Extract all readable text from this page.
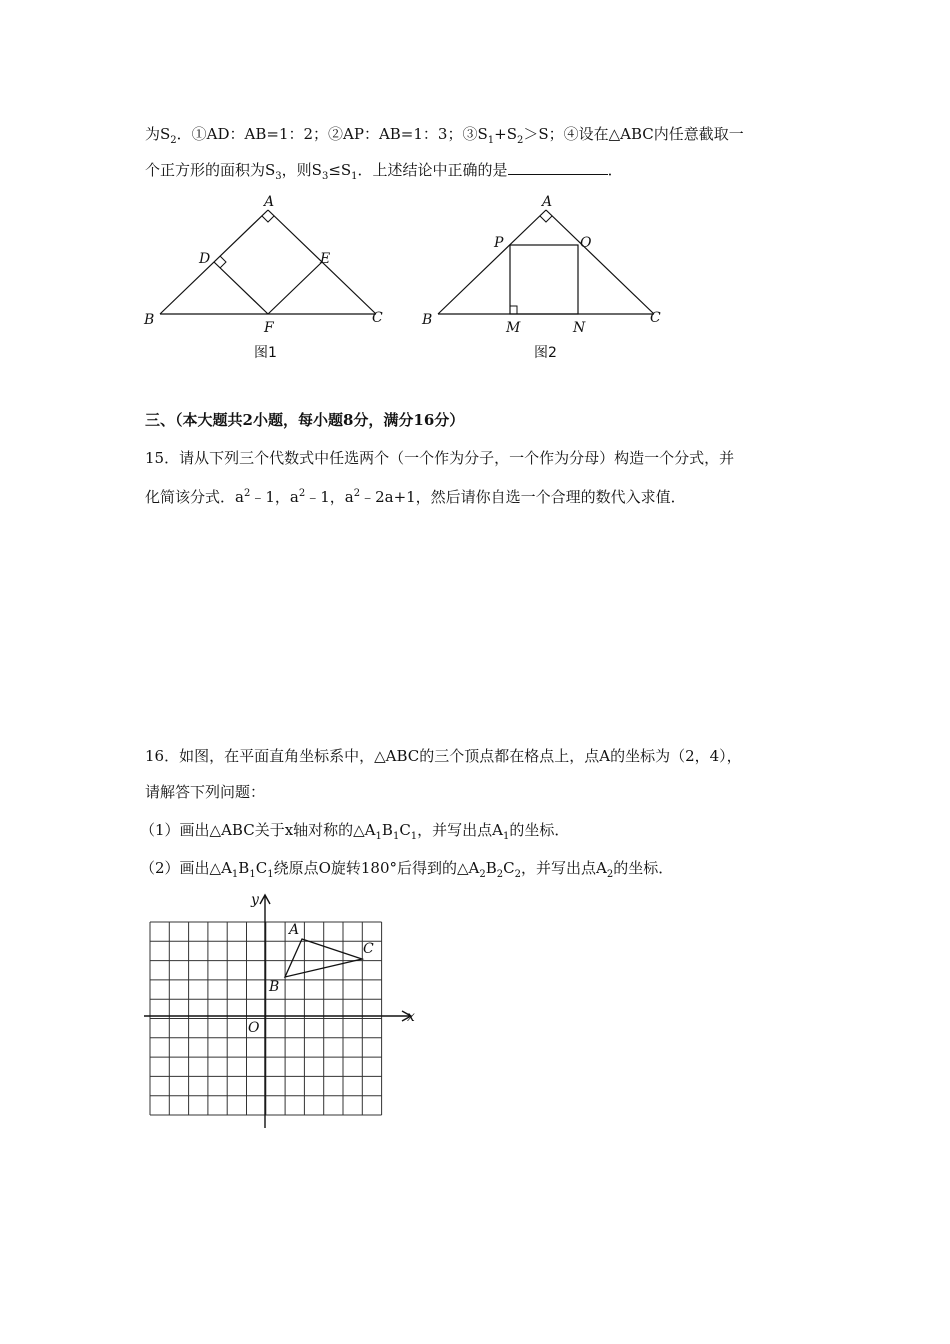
为$S_2$．①AD：AB=1：2；②AP：AB=1：3；$③S_1+S_2>S$；④设在△ABC内任意截取一
个正方形的面积为$S_3$，则$S_3\le S_1$．上述结论中正确的是	．
A
B	C
D	E
F
图1
A
B	C
P	O
M	N
图2
三、（本大题共2小题，每小题8分，满分16分）
15．请从下列三个代数式中任选两个（一个作为分子，一个作为分母）构造一个分式，并
化简该分式．$a^2﹣1$，$a^2﹣1$，$a^2﹣2a+1$，然后请你自选一个合理的数代入求值．
16．如图，在平面直角坐标系中，△ABC的三个顶点都在格点上，点A的坐标为（2，4），
请解答下列问题：
（1）画出△ABC关于x轴对称的$\triangle A_1B_1C_1$，并写出点$A_1$的坐标．
（2）画出$\triangle A_1B_1C_1$绕原点O旋转180°后得到的$\triangle A_2B_2C_2$，并写出点$A_2$的坐标．
x
y
O
A
B
C
